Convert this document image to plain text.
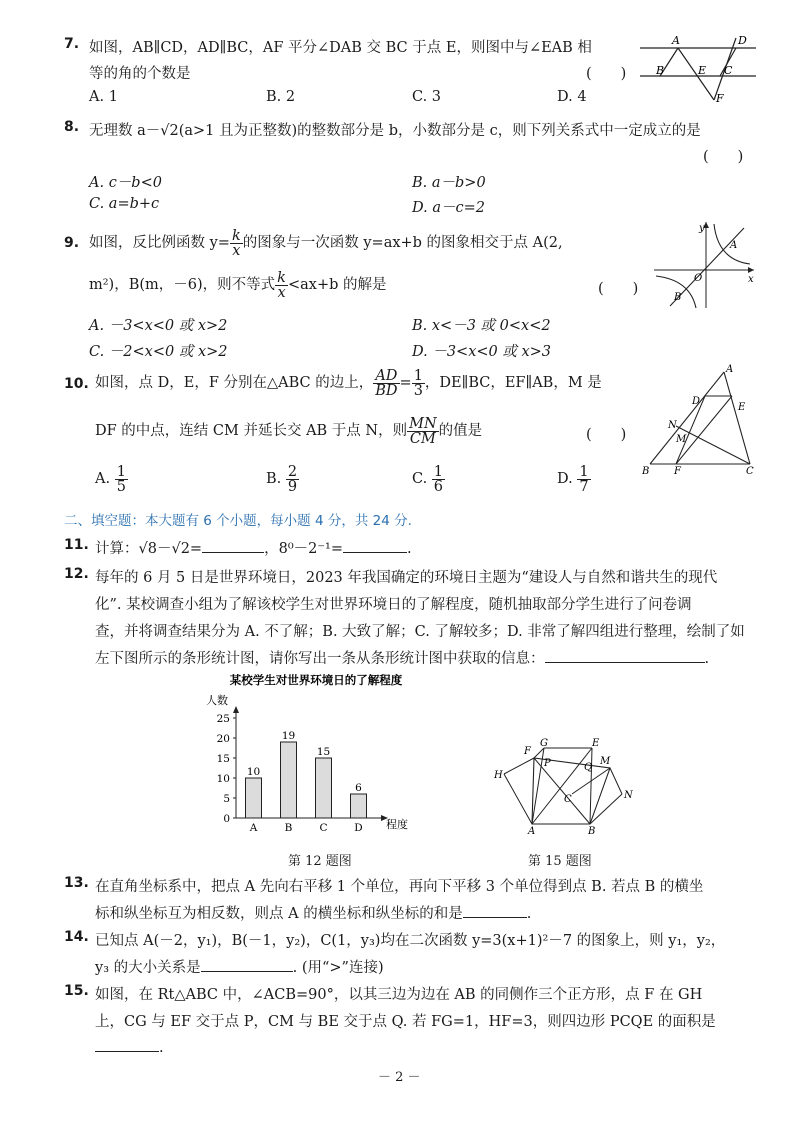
7. 如图，AB∥CD，AD∥BC，AF 平分∠DAB 交 BC 于点 E，则图中与∠EAB 相
等的角的个数是	(　　)
A. 1	B. 2	C. 3	D. 4
A	D
B	E C
F
8. 无理数 a－√2(a>1 且为正整数)的整数部分是 b，小数部分是 c，则下列关系式中一定成立的是
(　　)
A. c－b<0	B. a－b>0
C. a=b+c	D. a－c=2
9. 如图，反比例函数 $y= \frac{k}{x}$ 的图象与一次函数 y=ax+b 的图象相交于点 A(2,
m²)，B(m，－6)，则不等式 $\frac{k}{x} <ax+b$ 的解是	(　　)
A. －3<x<0 或 x>2	B. x<－3 或 0<x<2
C. －2<x<0 或 x>2	D. －3<x<0 或 x>3
y
x
O
A
B
10. 如图，点 D，E，F 分别在△ABC 的边上， $\frac{AD}{BD} = \frac{1}{3}$ ，DE∥BC，EF∥AB，M 是
DF 的中点，连结 CM 并延长交 AB 于点 N，则 $\frac{MN}{CM}$ 的值是	(　　)
A. $\frac{1}{5}$	B. $\frac{2}{9}$	C. $\frac{1}{6}$	D. $\frac{1}{7}$
A
D
E
N
M
B F	C
二、填空题：本大题有 6 个小题，每小题 4 分，共 24 分.
11. 计算：√8－√2=	，8⁰－2⁻¹=	.
12. 每年的 6 月 5 日是世界环境日，2023 年我国确定的环境日主题为“建设人与自然和谐共生的现代
化”. 某校调查小组为了解该校学生对世界环境日的了解程度，随机抽取部分学生进行了问卷调
查，并将调查结果分为 A. 不了解；B. 大致了解；C. 了解较多；D. 非常了解四组进行整理，绘制了如
左下图所示的条形统计图，请你写出一条从条形统计图中获取的信息：	.
某校学生对世界环境日的了解程度
人数
程度
0
5
10
15
20
25
10
A
19
B
15
C
6
D
第 12 题图
F
G
P
E
Q
M
H
C	N
A	B
第 15 题图
13. 在直角坐标系中，把点 A 先向右平移 1 个单位，再向下平移 3 个单位得到点 B. 若点 B 的横坐
标和纵坐标互为相反数，则点 A 的横坐标和纵坐标的和是	.
14. 已知点 A(－2，y₁)，B(－1，y₂)，C(1，y₃)均在二次函数 y=3(x+1)²－7 的图象上，则 y₁，y₂，
y₃ 的大小关系是	. (用“>”连接)
15. 如图，在 Rt△ABC 中，∠ACB=90°，以其三边为边在 AB 的同侧作三个正方形，点 F 在 GH
上，CG 与 EF 交于点 P，CM 与 BE 交于点 Q. 若 FG=1，HF=3，则四边形 PCQE 的面积是
.
－ 2 －
